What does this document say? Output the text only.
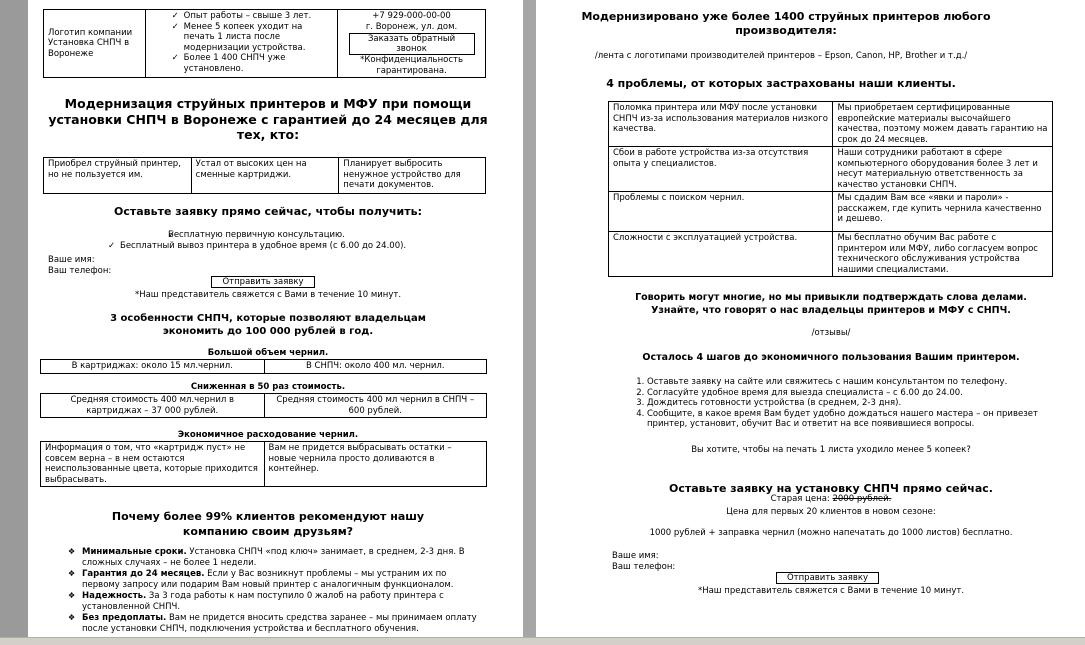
Логотип компании Установка СНПЧ в Воронеже	
✓ Опыт работы – свыше 3 лет.
✓ Менее 5 копеек уходит на печать 1 листа после модернизации устройства.
✓ Более 1 400 СНПЧ уже установлено.

+7 929-000-00-00
г. Воронеж, ул. дом.
Заказать обратный звонок
*Конфиденциальность гарантирована.
Модернизация струйных принтеров и МФУ при помощи установки СНПЧ в Воронеже с гарантией до 24 месяцев для тех, кто:
Приобрел струйный принтер, но не пользуется им.	Устал от высоких цен на сменные картриджи.	Планирует выбросить ненужное устройство для печати документов.
Оставьте заявку прямо сейчас, чтобы получить:
✓ Бесплатную первичную консультацию.
✓ Бесплатный вывоз принтера в удобное время (с 6.00 до 24.00).
Ваше имя:
Ваш телефон:
Отправить заявку
*Наш представитель свяжется с Вами в течение 10 минут.
3 особенности СНПЧ, которые позволяют владельцам экономить до 100 000 рублей в год.
Большой объем чернил.
В картриджах: около 15 мл.чернил.	В СНПЧ: около 400 мл. чернил.
Сниженная в 50 раз стоимость.
Средняя стоимость 400 мл.чернил в картриджах – 37 000 рублей.	Средняя стоимость 400 мл чернил в СНПЧ – 600 рублей.
Экономичное расходование чернил.
Информация о том, что «картридж пуст» не совсем верна – в нем остаются неиспользованные цвета, которые приходится выбрасывать.	Вам не придется выбрасывать остатки – новые чернила просто доливаются в контейнер.
Почему более 99% клиентов рекомендуют нашу компанию своим друзьям?
❖ Минимальные сроки. Установка СНПЧ «под ключ» занимает, в среднем, 2-3 дня. В сложных случаях – не более 1 недели.
❖ Гарантия до 24 месяцев. Если у Вас возникнут проблемы – мы устраним их по первому запросу или подарим Вам новый принтер с аналогичным функционалом.
❖ Надежность. За 3 года работы к нам поступило 0 жалоб на работу принтера с установленной СНПЧ.
❖ Без предоплаты. Вам не придется вносить средства заранее – мы принимаем оплату после установки СНПЧ, подключения устройства и бесплатного обучения.
Модернизировано уже более 1400 струйных принтеров любого производителя:
/лента с логотипами производителей принтеров – Epson, Canon, HP, Brother и т.д./
4 проблемы, от которых застрахованы наши клиенты.
Поломка принтера или МФУ после установки СНПЧ из-за использования материалов низкого качества.	Мы приобретаем сертифицированные европейские материалы высочайшего качества, поэтому можем давать гарантию на срок до 24 месяцев.
Сбои в работе устройства из-за отсутствия опыта у специалистов.	Наши сотрудники работают в сфере компьютерного оборудования более 3 лет и несут материальную ответственность за качество установки СНПЧ.
Проблемы с поиском чернил.	Мы сдадим Вам все «явки и пароли» - расскажем, где купить чернила качественно и дешево.
Сложности с эксплуатацией устройства.	Мы бесплатно обучим Вас работе с принтером или МФУ, либо согласуем вопрос технического обслуживания устройства нашими специалистами.
Говорить могут многие, но мы привыкли подтверждать слова делами. Узнайте, что говорят о нас владельцы принтеров и МФУ с СНПЧ.
/отзывы/
Осталось 4 шагов до экономичного пользования Вашим принтером.
1. Оставьте заявку на сайте или свяжитесь с нашим консультантом по телефону.
2. Согласуйте удобное время для выезда специалиста – с 6.00 до 24.00.
3. Дождитесь готовности устройства (в среднем, 2-3 дня).
4. Сообщите, в какое время Вам будет удобно дождаться нашего мастера – он привезет принтер, установит, обучит Вас и ответит на все появившиеся вопросы.
Вы хотите, чтобы на печать 1 листа уходило менее 5 копеек?
Оставьте заявку на установку СНПЧ прямо сейчас.
Старая цена: 2000 рублей.
Цена для первых 20 клиентов в новом сезоне:
1000 рублей + заправка чернил (можно напечатать до 1000 листов) бесплатно.
Ваше имя:
Ваш телефон:
Отправить заявку
*Наш представитель свяжется с Вами в течение 10 минут.
